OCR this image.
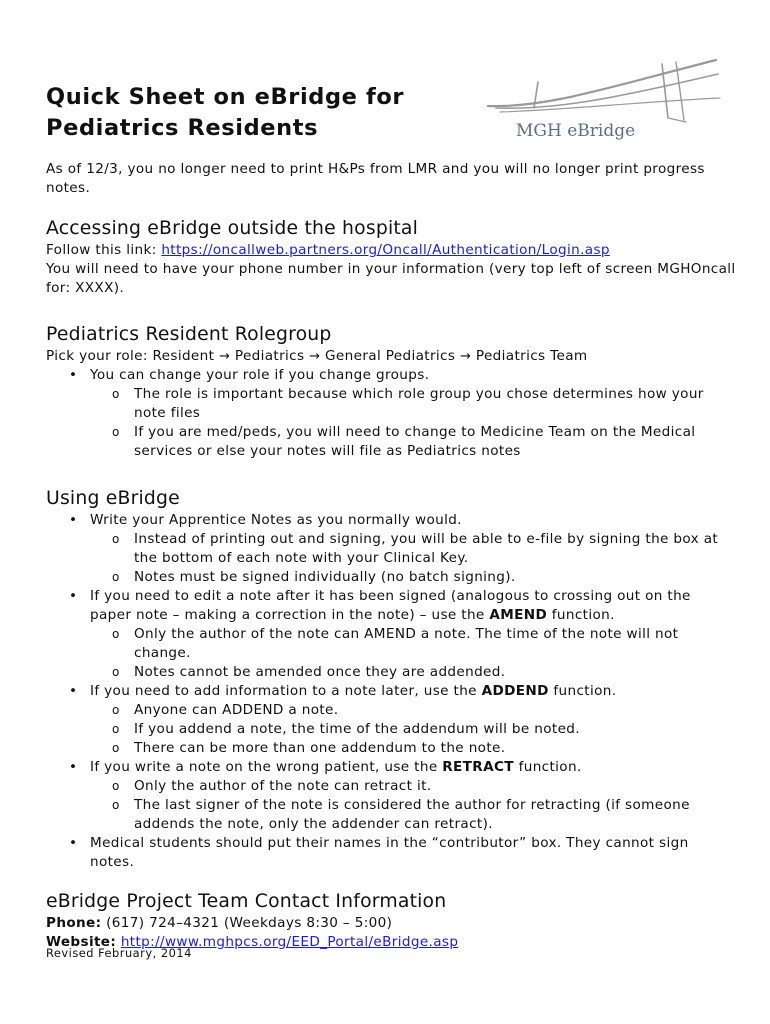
Quick Sheet on eBridge for
Pediatrics Residents	MGH eBridge

As of 12/3, you no longer need to print H&Ps from LMR and you will no longer print progress notes.

Accessing eBridge outside the hospital

Follow this link: https://oncallweb.partners.org/Oncall/Authentication/Login.asp

You will need to have your phone number in your information (very top left of screen MGHOncall for: XXXX).

Pediatrics Resident Rolegroup

Pick your role: Resident → Pediatrics → General Pediatrics → Pediatrics Team

• You can change your role if you change groups.
o The role is important because which role group you chose determines how your note files
o If you are med/peds, you will need to change to Medicine Team on the Medical services or else your notes will file as Pediatrics notes
Using eBridge
• Write your Apprentice Notes as you normally would.
o Instead of printing out and signing, you will be able to e-file by signing the box at the bottom of each note with your Clinical Key.
o Notes must be signed individually (no batch signing).
• If you need to edit a note after it has been signed (analogous to crossing out on the paper note – making a correction in the note) – use the AMEND function.
o Only the author of the note can AMEND a note. The time of the note will not change.
o Notes cannot be amended once they are addended.
• If you need to add information to a note later, use the ADDEND function.
o Anyone can ADDEND a note.
o If you addend a note, the time of the addendum will be noted.
o There can be more than one addendum to the note.
• If you write a note on the wrong patient, use the RETRACT function.
o Only the author of the note can retract it.
o The last signer of the note is considered the author for retracting (if someone addends the note, only the addender can retract).
• Medical students should put their names in the “contributor” box. They cannot sign notes.
eBridge Project Team Contact Information

Phone: (617) 724–4321 (Weekdays 8:30 – 5:00)

Website: http://www.mghpcs.org/EED_Portal/eBridge.asp

Revised February, 2014
